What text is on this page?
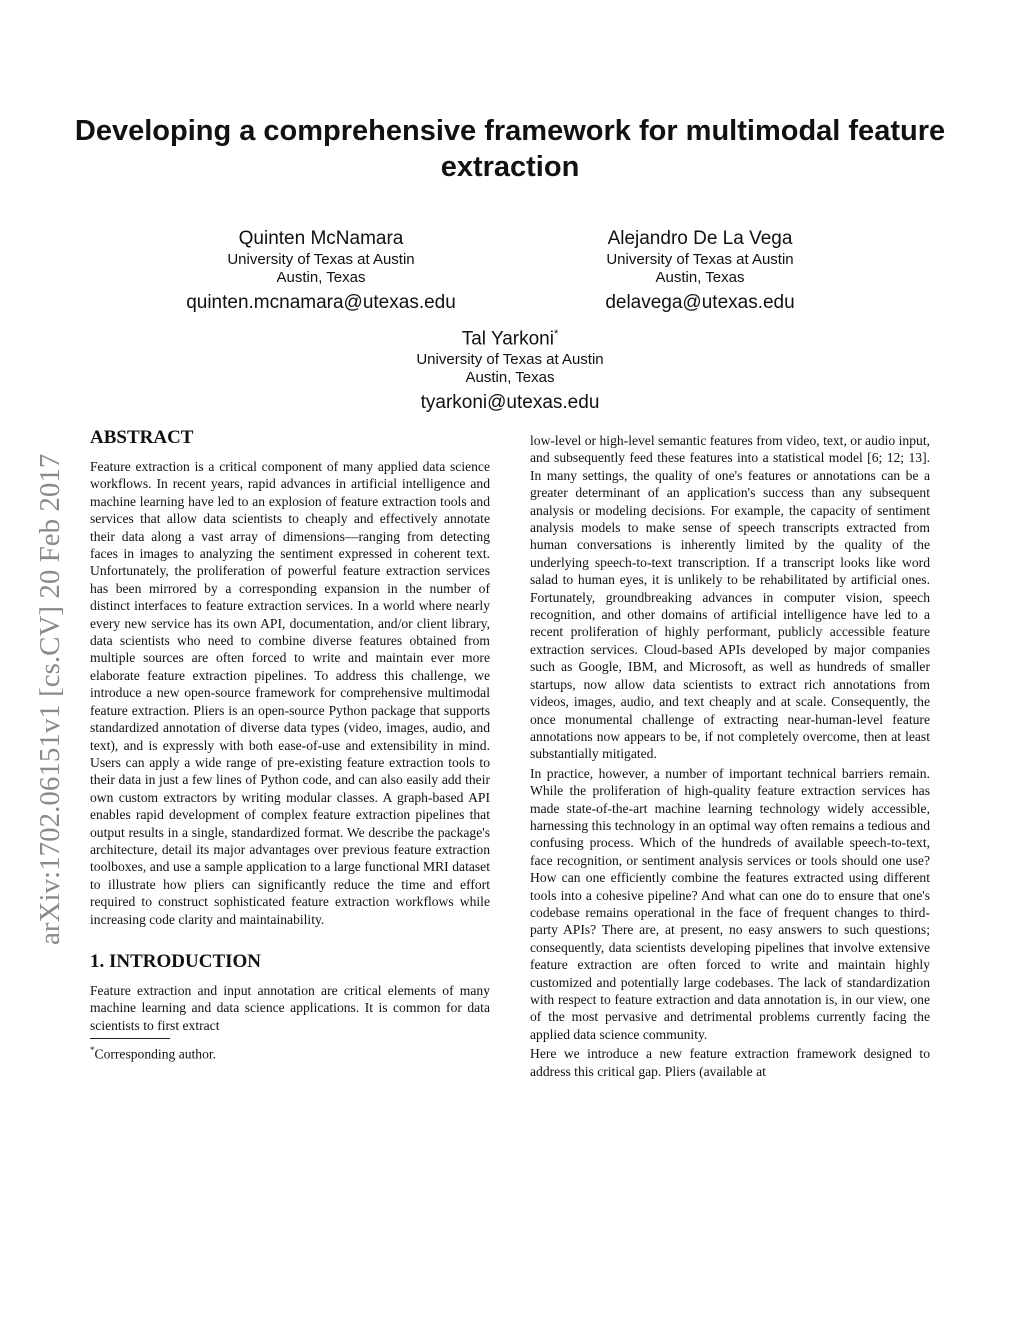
arXiv:1702.06151v1 [cs.CV] 20 Feb 2017
Developing a comprehensive framework for multimodal feature extraction
Quinten McNamara
University of Texas at Austin
Austin, Texas
quinten.mcnamara@utexas.edu
Alejandro De La Vega
University of Texas at Austin
Austin, Texas
delavega@utexas.edu
Tal Yarkoni*
University of Texas at Austin
Austin, Texas
tyarkoni@utexas.edu
ABSTRACT

Feature extraction is a critical component of many applied data science workflows. In recent years, rapid advances in artificial intelligence and machine learning have led to an explosion of feature extraction tools and services that allow data scientists to cheaply and effectively annotate their data along a vast array of dimensions—ranging from detecting faces in images to analyzing the sentiment expressed in coherent text. Unfortunately, the proliferation of powerful feature extraction services has been mirrored by a corresponding expansion in the number of distinct interfaces to feature extraction services. In a world where nearly every new service has its own API, documentation, and/or client library, data scientists who need to combine diverse features obtained from multiple sources are often forced to write and maintain ever more elaborate feature extraction pipelines. To address this challenge, we introduce a new open-source framework for comprehensive multimodal feature extraction. Pliers is an open-source Python package that supports standardized annotation of diverse data types (video, images, audio, and text), and is expressly with both ease-of-use and extensibility in mind. Users can apply a wide range of pre-existing feature extraction tools to their data in just a few lines of Python code, and can also easily add their own custom extractors by writing modular classes. A graph-based API enables rapid development of complex feature extraction pipelines that output results in a single, standardized format. We describe the package's architecture, detail its major advantages over previous feature extraction toolboxes, and use a sample application to a large functional MRI dataset to illustrate how pliers can significantly reduce the time and effort required to construct sophisticated feature extraction workflows while increasing code clarity and maintainability.

1. INTRODUCTION

Feature extraction and input annotation are critical elements of many machine learning and data science applications. It is common for data scientists to first extract

*Corresponding author.

low-level or high-level semantic features from video, text, or audio input, and subsequently feed these features into a statistical model [6; 12; 13]. In many settings, the quality of one's features or annotations can be a greater determinant of an application's success than any subsequent analysis or modeling decisions. For example, the capacity of sentiment analysis models to make sense of speech transcripts extracted from human conversations is inherently limited by the quality of the underlying speech-to-text transcription. If a transcript looks like word salad to human eyes, it is unlikely to be rehabilitated by artificial ones. Fortunately, groundbreaking advances in computer vision, speech recognition, and other domains of artificial intelligence have led to a recent proliferation of highly performant, publicly accessible feature extraction services. Cloud-based APIs developed by major companies such as Google, IBM, and Microsoft, as well as hundreds of smaller startups, now allow data scientists to extract rich annotations from videos, images, audio, and text cheaply and at scale. Consequently, the once monumental challenge of extracting near-human-level feature annotations now appears to be, if not completely overcome, then at least substantially mitigated.

In practice, however, a number of important technical barriers remain. While the proliferation of high-quality feature extraction services has made state-of-the-art machine learning technology widely accessible, harnessing this technology in an optimal way often remains a tedious and confusing process. Which of the hundreds of available speech-to-text, face recognition, or sentiment analysis services or tools should one use? How can one efficiently combine the features extracted using different tools into a cohesive pipeline? And what can one do to ensure that one's codebase remains operational in the face of frequent changes to third-party APIs? There are, at present, no easy answers to such questions; consequently, data scientists developing pipelines that involve extensive feature extraction are often forced to write and maintain highly customized and potentially large codebases. The lack of standardization with respect to feature extraction and data annotation is, in our view, one of the most pervasive and detrimental problems currently facing the applied data science community.

Here we introduce a new feature extraction framework designed to address this critical gap. Pliers (available at
